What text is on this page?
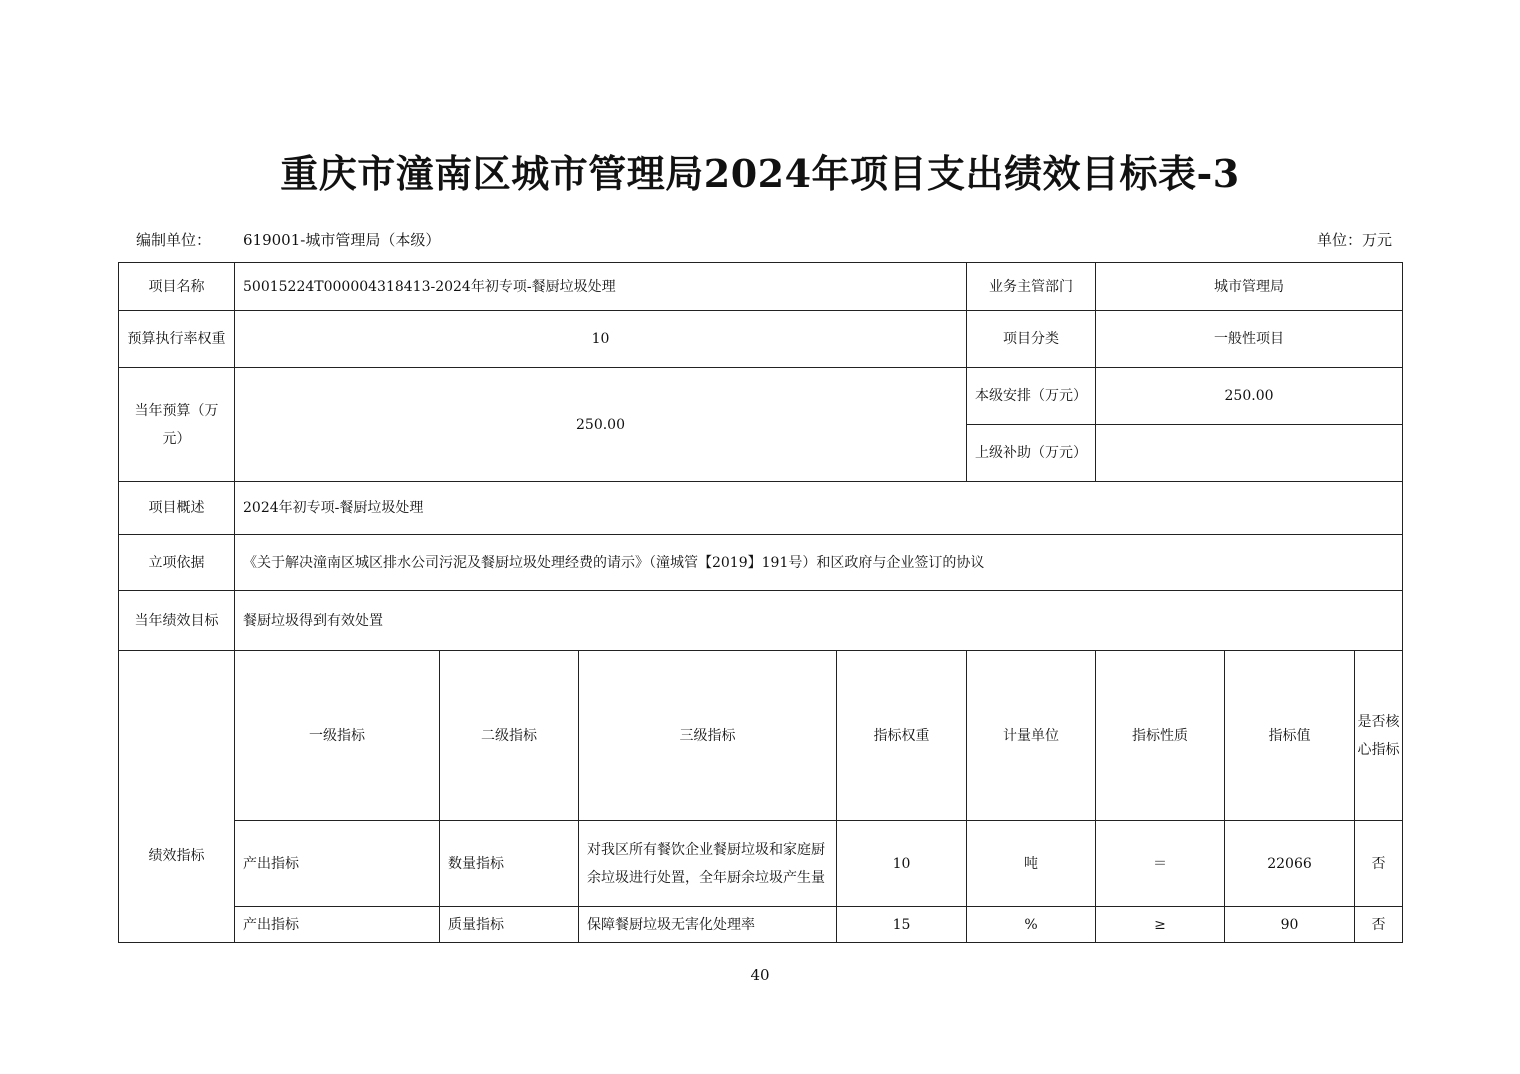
重庆市潼南区城市管理局2024年项目支出绩效目标表-3
编制单位： 619001-城市管理局（本级）	单位：万元
项目名称	50015224T000004318413-2024年初专项-餐厨垃圾处理				业务主管部门	城市管理局		
预算执行率权重	10				项目分类	一般性项目		
当年预算（万元）	250.00				本级安排（万元）	250.00		
					上级补助（万元）			
项目概述	2024年初专项-餐厨垃圾处理							
立项依据	《关于解决潼南区城区排水公司污泥及餐厨垃圾处理经费的请示》（潼城管【2019】191号）和区政府与企业签订的协议							
当年绩效目标	餐厨垃圾得到有效处置							
绩效指标	一级指标	二级指标	三级指标	指标权重	计量单位	指标性质	指标值	是否核心指标
	产出指标	数量指标	对我区所有餐饮企业餐厨垃圾和家庭厨余垃圾进行处置，全年厨余垃圾产生量	10	吨	＝	22066	否
	产出指标	质量指标	保障餐厨垃圾无害化处理率	15	%	≥	90	否
40
